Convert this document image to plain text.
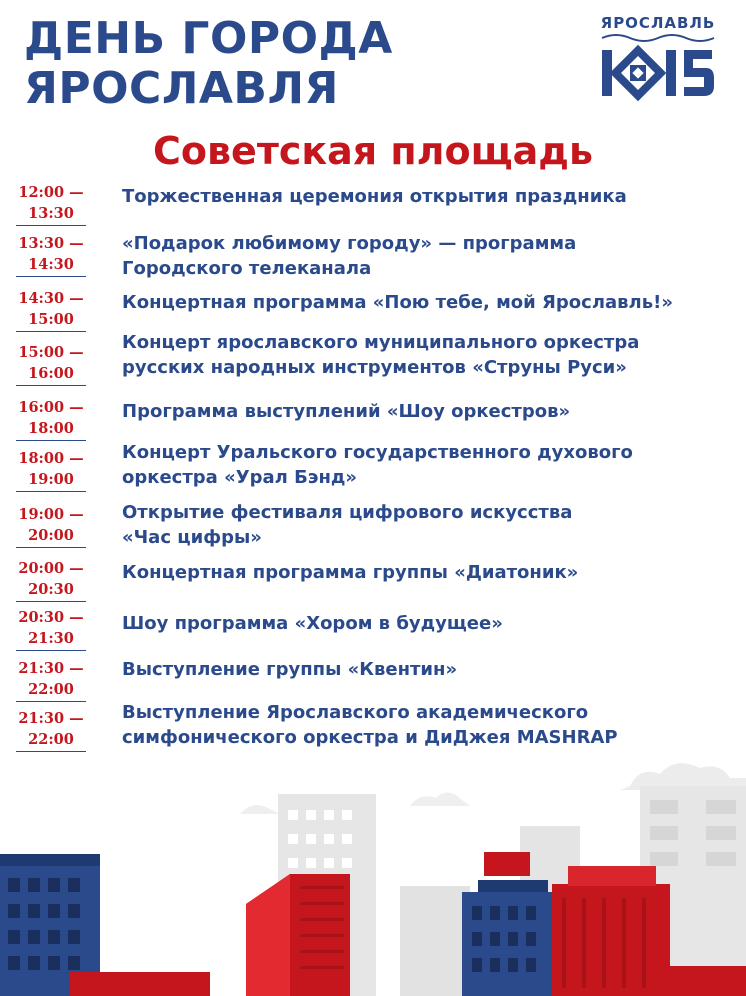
ДЕНЬ ГОРОДА
ЯРОСЛАВЛЯ
ЯРОСЛАВЛЬ
Советская площадь
12:00 —
13:30
Торжественная церемония открытия праздника
13:30 —
14:30
«Подарок любимому городу» — программа
Городского телеканала
14:30 —
15:00
Концертная программа «Пою тебе, мой Ярославль!»
15:00 —
16:00
Концерт ярославского муниципального оркестра
русских народных инструментов «Струны Руси»
16:00 —
18:00
Программа выступлений «Шоу оркестров»
18:00 —
19:00
Концерт Уральского государственного духового
оркестра «Урал Бэнд»
19:00 —
20:00
Открытие фестиваля цифрового искусства
«Час цифры»
20:00 —
20:30
Концертная программа группы «Диатоник»
20:30 —
21:30
Шоу программа «Хором в будущее»
21:30 —
22:00
Выступление группы «Квентин»
21:30 —
22:00
Выступление Ярославского академического
симфонического оркестра и ДиДжея MASHRAP
